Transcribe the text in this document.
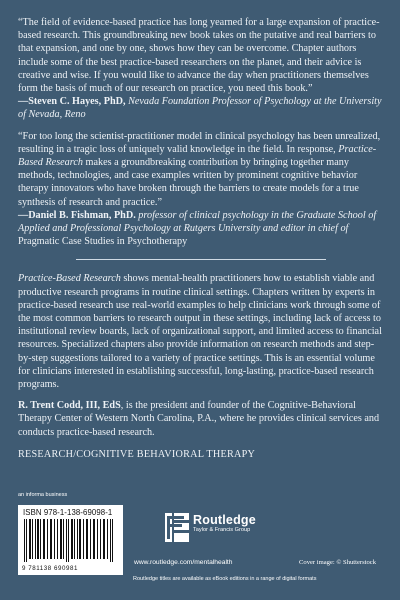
“The field of evidence-based practice has long yearned for a large expansion of practice-based research. This groundbreaking new book takes on the putative and real barriers to that expansion, and one by one, shows how they can be overcome. Chapter authors include some of the best practice-based researchers on the planet, and their advice is creative and wise. If you would like to advance the day when practitioners themselves form the basis of much of our research on practice, you need this book.”
—Steven C. Hayes, PhD, Nevada Foundation Professor of Psychology at the University of Nevada, Reno
“For too long the scientist-practitioner model in clinical psychology has been unrealized, resulting in a tragic loss of uniquely valid knowledge in the field. In response, Practice-Based Research makes a groundbreaking contribution by bringing together many methods, technologies, and case examples written by prominent cognitive behavior therapy innovators who have broken through the barriers to create models for a true synthesis of research and practice.”
—Daniel B. Fishman, PhD. professor of clinical psychology in the Graduate School of Applied and Professional Psychology at Rutgers University and editor in chief of Pragmatic Case Studies in Psychotherapy

Practice-Based Research shows mental-health practitioners how to establish viable and productive research programs in routine clinical settings. Chapters written by experts in practice-based research use real-world examples to help clinicians work through some of the most common barriers to research output in these settings, including lack of access to institutional review boards, lack of organizational support, and limited access to financial resources. Specialized chapters also provide information on research methods and step-by-step suggestions tailored to a variety of practice settings. This is an essential volume for clinicians interested in establishing successful, long-lasting, practice-based research programs.

R. Trent Codd, III, EdS, is the president and founder of the Cognitive-Behavioral Therapy Center of Western North Carolina, P.A., where he provides clinical services and conducts practice-based research.

RESEARCH/COGNITIVE BEHAVIORAL THERAPY
an informa business
ISBN 978-1-138-69098-1
9 781138 690981
Routledge
Taylor & Francis Group
www.routledge.com/mentalhealth	Cover image: © Shutterstock
Routledge titles are available as eBook editions in a range of digital formats
